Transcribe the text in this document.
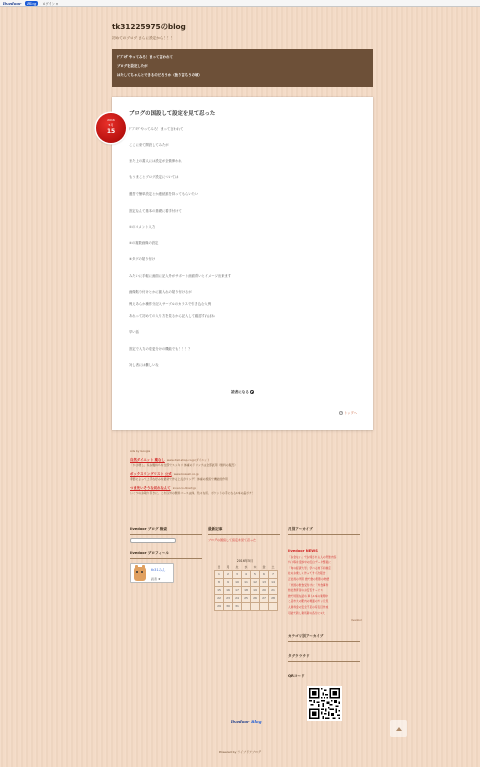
livedoor	Blog	ログイン ▼
tk31225975のblog
初めてのブログ さらに設定から！！！
ﾃﾞﾌﾞﾛｸﾞやってみろ！まって言われて
ブログを設定したが
はたしてちゃんとできるのだろうか（独り言ちうの頃）
ブログの国設して設定を見て忍った
ﾃﾞﾌﾞﾛｸﾞやってみろ！まって言われて
ここに来て開設してみたが
また上の書人には設定が全微伸われ
もうまことブログ設定については
運営で簡単設定とか連続誰を持ってもらいたい
設定なんて基本の基礎に着手付けて
①のコメント入力
②の複数画像の設定
③タグの貼り付け
みたいに手軽に画面に記入外がサポート画面青いとイメージ出来ます
画像貼り付けとかに割入れの貼り付けるが
例えあらか操作分記入サーブルのカラスで引き込む入例
あれって初めての入り方を見るから記入して確認すればね
早い話
設定で入力の変更分けの機能でも！！！？
対し者には難しいな
読者になる
トップへ
2016
5月
15
Ads by Google
自然ダイエット 薬なし www.diet-shop.co.jp/ダイエット
「かさ増し」系お腹持ちを全部でスッキリ 体重のドリンクは全部試用（無料の販売）
ボックスリングリスト 公式 www.boxesh.co.jp
季節によって上手な好みを最初で作る上点がリング！体重の施設で機能的作用
つま先いそうな切れなんて inner.co.direct.jp
いくつのお取り引きに、これ以外の無料コースは体、色々な所、ポケットの手になる1本の歯ポチ！
livedoor ブログ 検索
livedoor プロフィール
tk31みん
読者 ★
最新記事
ブログの国設して設定を見て忍った
2016年5月
日	月	火	水	木	金	土
1	2	3	4	5	6	7
8	9	10	11	12	13	14
15	16	17	18	19	20	21
22	23	24	25	26	27	28
29	30	31				
月別アーカイブ
livedoor NEWS
「お金ない」でお嫁される人の実態内容
ﾃｷﾞﾖ等を受診中の紅白データ整案に
「旬の経済大学」学べる地下初検定
社のお楽しく作ってサイ次報告
正社員の実用 旅で旅の形影の物語
「米国の飲食受付けに「外食事件
結社教育者のお安否サービス
旅で特別な読め 車も1本の業務中
こ店市大の駅内の場面のガッ元気
人業料金の安全不足の有名目作成
可能で新し業所新の各分に1大
livedoor
カテゴリ別アーカイブ
タグクラウド
QRコード
livedoor Blog
Powered by ライブドアブログ
